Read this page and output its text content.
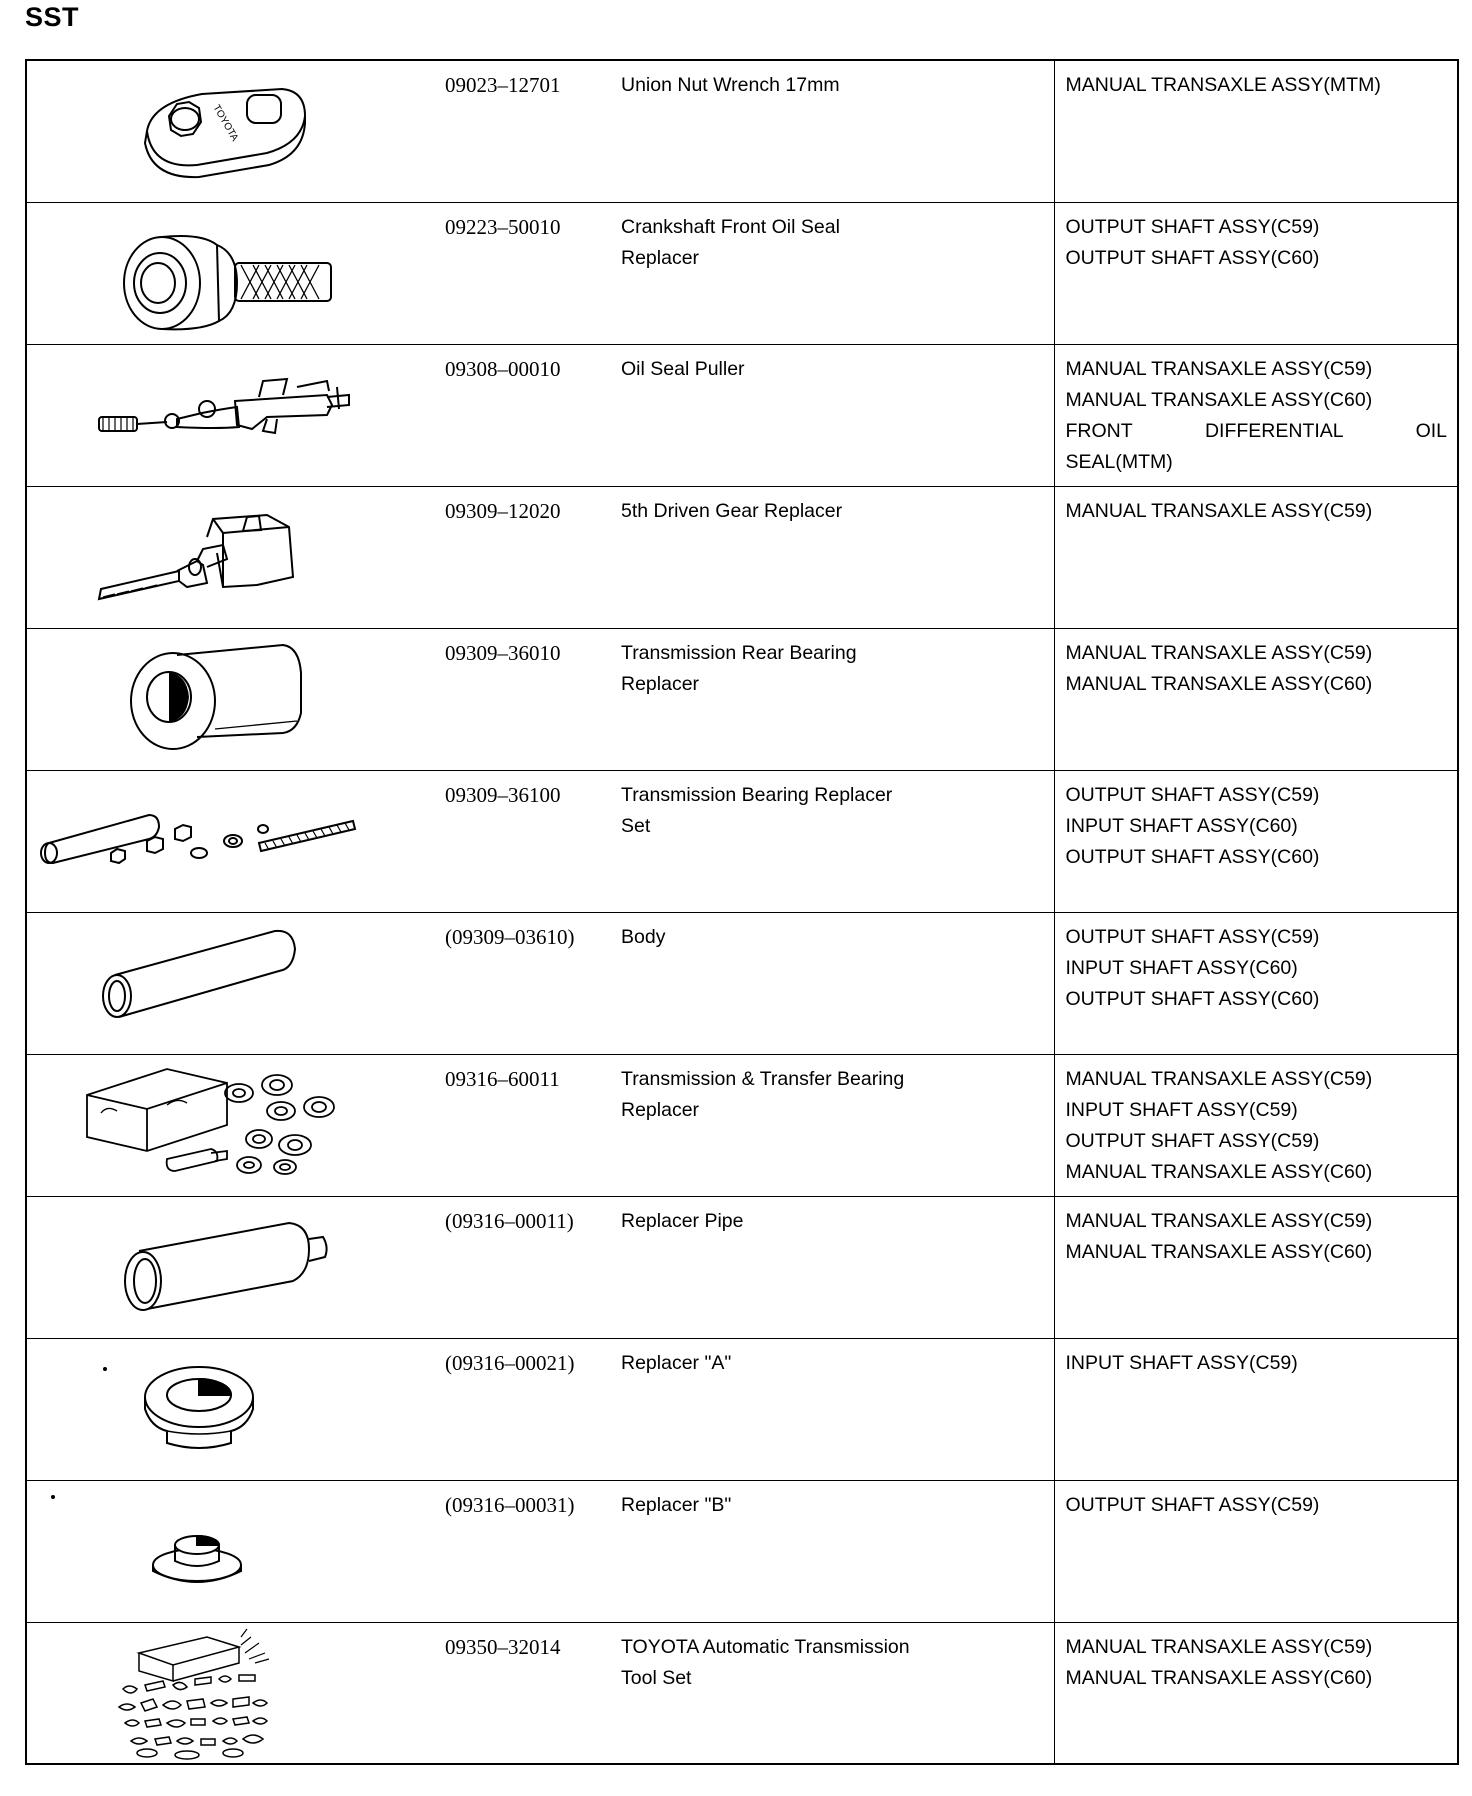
SST
TOYOTA	09023–12701	Union Nut Wrench 17mm	MANUAL TRANSAXLE ASSY(MTM)

	09223–50010	Crankshaft Front Oil Seal
Replacer	OUTPUT SHAFT ASSY(C59)
OUTPUT SHAFT ASSY(C60)

	09308–00010	Oil Seal Puller	MANUAL TRANSAXLE ASSY(C59)
MANUAL TRANSAXLE ASSY(C60)
FRONT DIFFERENTIAL OIL
SEAL(MTM)

	09309–12020	5th Driven Gear Replacer	MANUAL TRANSAXLE ASSY(C59)

	09309–36010	Transmission Rear Bearing
Replacer	MANUAL TRANSAXLE ASSY(C59)
MANUAL TRANSAXLE ASSY(C60)

	09309–36100	Transmission Bearing Replacer
Set	OUTPUT SHAFT ASSY(C59)
INPUT SHAFT ASSY(C60)
OUTPUT SHAFT ASSY(C60)

	(09309–03610)	Body	OUTPUT SHAFT ASSY(C59)
INPUT SHAFT ASSY(C60)
OUTPUT SHAFT ASSY(C60)

	09316–60011	Transmission & Transfer Bearing
Replacer	MANUAL TRANSAXLE ASSY(C59)
INPUT SHAFT ASSY(C59)
OUTPUT SHAFT ASSY(C59)
MANUAL TRANSAXLE ASSY(C60)

	(09316–00011)	Replacer Pipe	MANUAL TRANSAXLE ASSY(C59)
MANUAL TRANSAXLE ASSY(C60)

	(09316–00021)	Replacer "A"	INPUT SHAFT ASSY(C59)

	(09316–00031)	Replacer "B"	OUTPUT SHAFT ASSY(C59)

	09350–32014	TOYOTA Automatic Transmission
Tool Set	MANUAL TRANSAXLE ASSY(C59)
MANUAL TRANSAXLE ASSY(C60)
